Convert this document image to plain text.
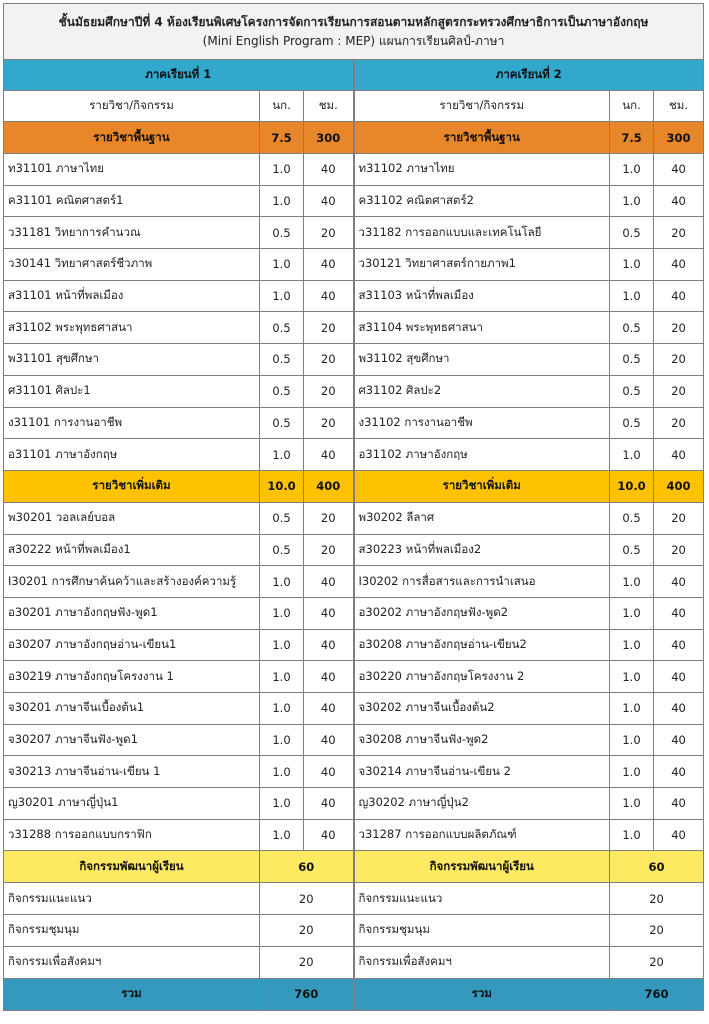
ชั้นมัธยมศึกษาปีที่ 4 ห้องเรียนพิเศษโครงการจัดการเรียนการสอนตามหลักสูตรกระทรวงศึกษาธิการเป็นภาษาอังกฤษ
(Mini English Program : MEP) แผนการเรียนศิลป์-ภาษา					

ภาคเรียนที่ 1			ภาคเรียนที่ 2		
รายวิชา/กิจกรรม	นก.	ชม.	รายวิชา/กิจกรรม	นก.	ชม.
รายวิชาพื้นฐาน	7.5	300	รายวิชาพื้นฐาน	7.5	300
ท31101 ภาษาไทย	1.0	40	ท31102 ภาษาไทย	1.0	40
ค31101 คณิตศาสตร์1	1.0	40	ค31102 คณิตศาสตร์2	1.0	40
ว31181 วิทยาการคำนวณ	0.5	20	ว31182 การออกแบบและเทคโนโลยี	0.5	20
ว30141 วิทยาศาสตร์ชีวภาพ	1.0	40	ว30121 วิทยาศาสตร์กายภาพ1	1.0	40
ส31101 หน้าที่พลเมือง	1.0	40	ส31103 หน้าที่พลเมือง	1.0	40
ส31102 พระพุทธศาสนา	0.5	20	ส31104 พระพุทธศาสนา	0.5	20
พ31101 สุขศึกษา	0.5	20	พ31102 สุขศึกษา	0.5	20
ศ31101 ศิลปะ1	0.5	20	ศ31102 ศิลปะ2	0.5	20
ง31101 การงานอาชีพ	0.5	20	ง31102 การงานอาชีพ	0.5	20
อ31101 ภาษาอังกฤษ	1.0	40	อ31102 ภาษาอังกฤษ	1.0	40
รายวิชาเพิ่มเติม	10.0	400	รายวิชาเพิ่มเติม	10.0	400
พ30201 วอลเลย์บอล	0.5	20	พ30202 ลีลาศ	0.5	20
ส30222 หน้าที่พลเมือง1	0.5	20	ส30223 หน้าที่พลเมือง2	0.5	20
I30201 การศึกษาค้นคว้าและสร้างองค์ความรู้	1.0	40	I30202 การสื่อสารและการนำเสนอ	1.0	40
อ30201 ภาษาอังกฤษฟัง-พูด1	1.0	40	อ30202 ภาษาอังกฤษฟัง-พูด2	1.0	40
อ30207 ภาษาอังกฤษอ่าน-เขียน1	1.0	40	อ30208 ภาษาอังกฤษอ่าน-เขียน2	1.0	40
อ30219 ภาษาอังกฤษโครงงาน 1	1.0	40	อ30220 ภาษาอังกฤษโครงงาน 2	1.0	40
จ30201 ภาษาจีนเบื้องต้น1	1.0	40	จ30202 ภาษาจีนเบื้องต้น2	1.0	40
จ30207 ภาษาจีนฟัง-พูด1	1.0	40	จ30208 ภาษาจีนฟัง-พูด2	1.0	40
จ30213 ภาษาจีนอ่าน-เขียน 1	1.0	40	จ30214 ภาษาจีนอ่าน-เขียน 2	1.0	40
ญ30201 ภาษาญี่ปุ่น1	1.0	40	ญ30202 ภาษาญี่ปุ่น2	1.0	40
ว31288 การออกแบบกราฟิก	1.0	40	ว31287 การออกแบบผลิตภัณฑ์	1.0	40
กิจกรรมพัฒนาผู้เรียน	60		กิจกรรมพัฒนาผู้เรียน	60	
กิจกรรมแนะแนว	20		กิจกรรมแนะแนว	20	
กิจกรรมชุมนุม	20		กิจกรรมชุมนุม	20	
กิจกรรมเพื่อสังคมฯ	20		กิจกรรมเพื่อสังคมฯ	20	
รวม	760		รวม	760	
